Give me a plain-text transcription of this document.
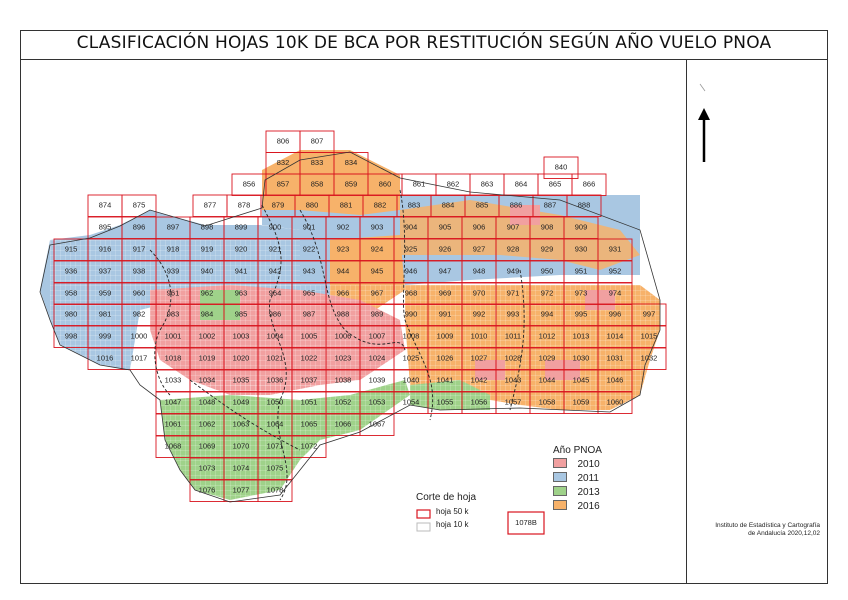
CLASIFICACIÓN HOJAS 10K DE BCA POR RESTITUCIÓN SEGÚN AÑO VUELO PNOA
806	807
832	833	834	840
856	857	858	859	860	861	862	863	864	865	866
874	875	877	878	879	880	881	882	883	884	885	886	887	888
895	896	897	898	899	900	901	902	903	904	905	906	907	908	909
915	916	917	918	919	920	921	922	923	924	925	926	927	928	929	930	931
936	937	938	939	940	941	942	943	944	945	946	947	948	949	950	951	952
958	959	960	961	962	963	964	965	966	967	968	969	970	971	972	973	974
980	981	982	983	984	985	986	987	988	989	990	991	992	993	994	995	996	997
998	999	1000 1001 1002 1003 1004 1005 1006 1007 1008 1009 1010 1011 1012 1013 1014 1015
1016 1017 1018 1019 1020 1021 1022 1023 1024 1025 1026 1027 1028 1029 1030 1031 1032
1033 1034 1035 1036 1037 1038 1039 1040 1041 1042 1043 1044 1045 1046
1047 1048 1049 1050 1051 1052 1053 1054 1055 1056 1057 1058 1059 1060
1061 1062 1063 1064 1065 1066 1067
1068 1069 1070 1071 1072
1073 1074 1075
1076 1077 1078
1078B
Año PNOA
2010
2011
2013
2016
Corte de hoja
hoja 50 k
hoja 10 k	Instituto de Estadística y Cartografía
de Andalucía 2020,12,02
